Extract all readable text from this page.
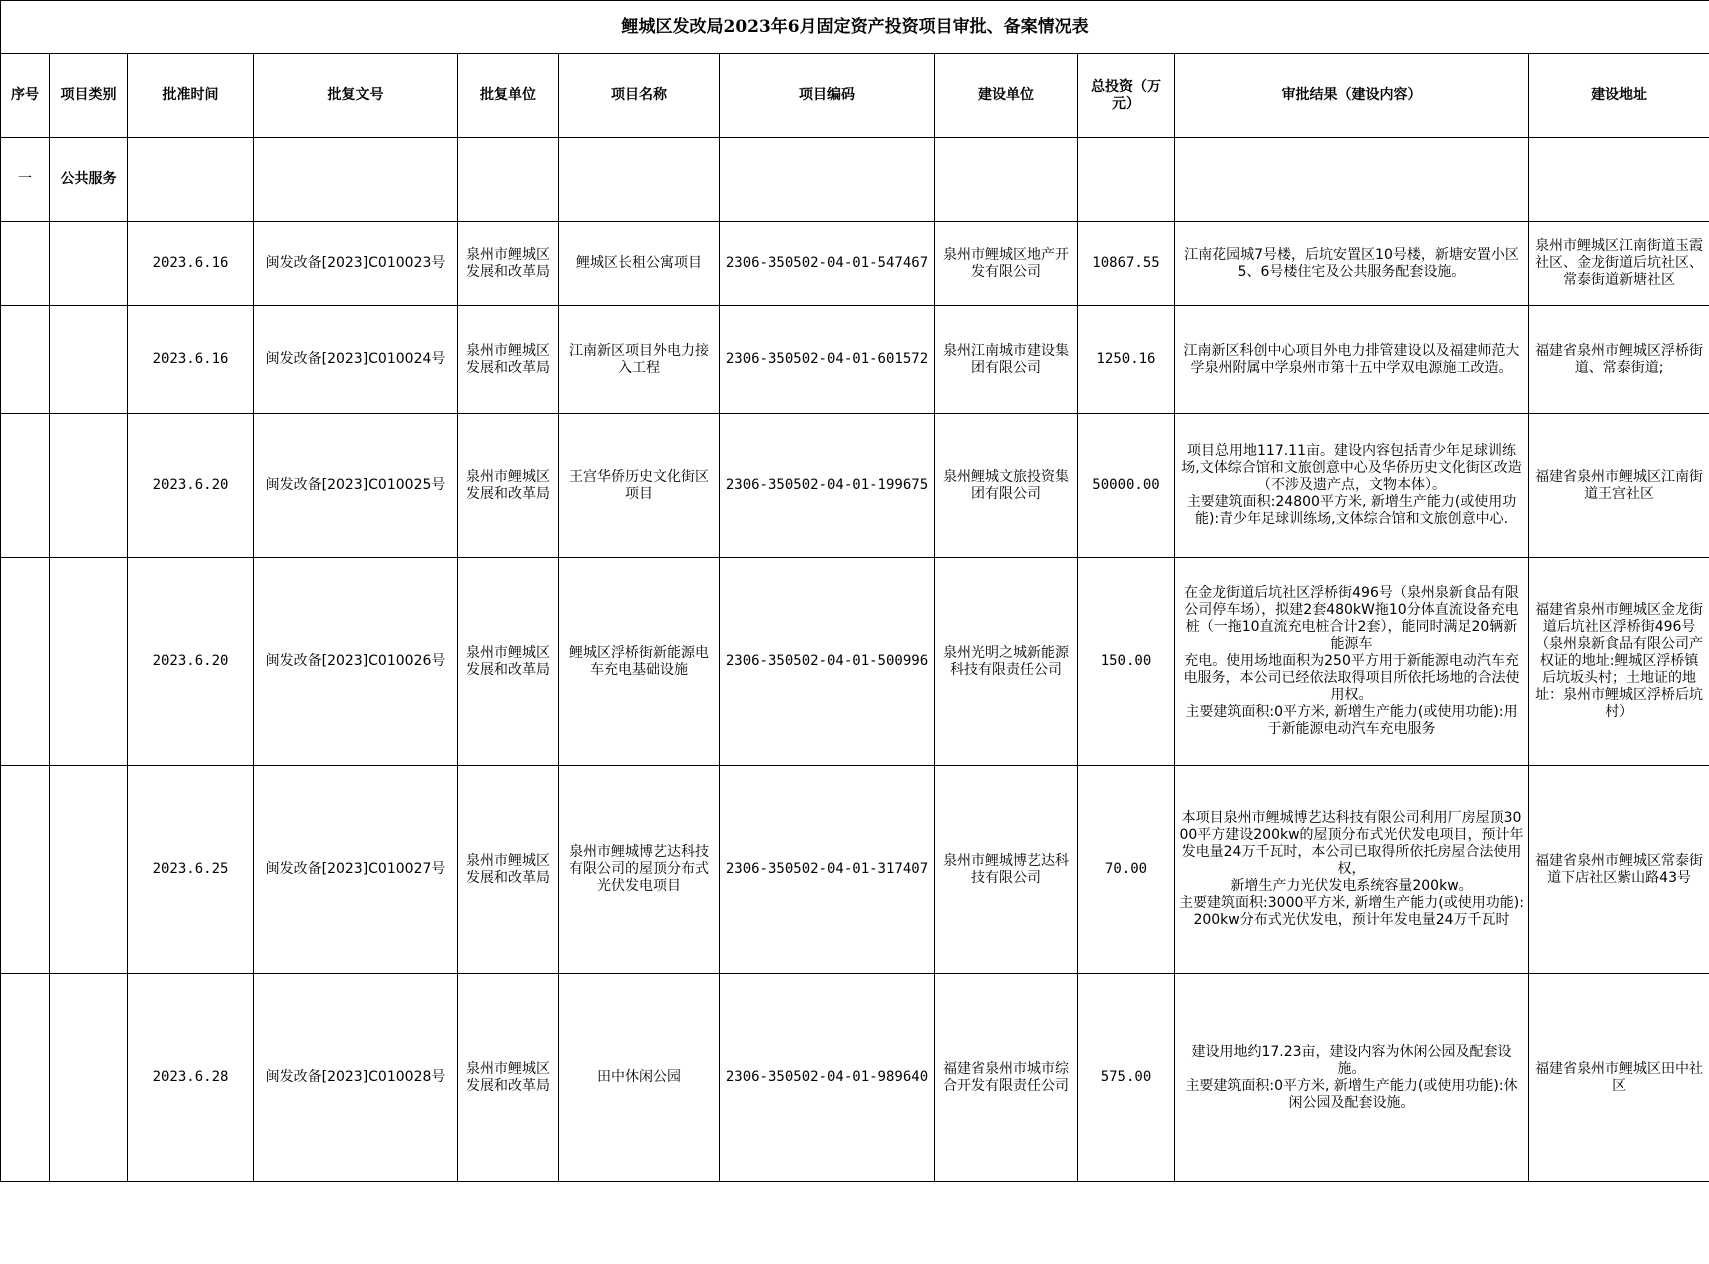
鲤城区发改局2023年6月固定资产投资项目审批、备案情况表										
序号	项目类别	批准时间	批复文号	批复单位	项目名称	项目编码	建设单位	总投资（万元）	审批结果（建设内容）	建设地址
一	公共服务									
		2023.6.16	闽发改备[2023]C010023号	泉州市鲤城区发展和改革局	鲤城区长租公寓项目	2306-350502-04-01-547467	泉州市鲤城区地产开发有限公司	10867.55	江南花园城7号楼，后坑安置区10号楼，新塘安置小区5、6号楼住宅及公共服务配套设施。	泉州市鲤城区江南街道玉霞社区、金龙街道后坑社区、常泰街道新塘社区
		2023.6.16	闽发改备[2023]C010024号	泉州市鲤城区发展和改革局	江南新区项目外电力接入工程	2306-350502-04-01-601572	泉州江南城市建设集团有限公司	1250.16	江南新区科创中心项目外电力排管建设以及福建师范大学泉州附属中学泉州市第十五中学双电源施工改造。	福建省泉州市鲤城区浮桥街道、常泰街道;
		2023.6.20	闽发改备[2023]C010025号	泉州市鲤城区发展和改革局	王宫华侨历史文化街区项目	2306-350502-04-01-199675	泉州鲤城文旅投资集团有限公司	50000.00	项目总用地117.11亩。建设内容包括青少年足球训练场,文体综合馆和文旅创意中心及华侨历史文化街区改造（不涉及遗产点，文物本体）。
主要建筑面积:24800平方米, 新增生产能力(或使用功能):青少年足球训练场,文体综合馆和文旅创意中心.	福建省泉州市鲤城区江南街道王宫社区
		2023.6.20	闽发改备[2023]C010026号	泉州市鲤城区发展和改革局	鲤城区浮桥街新能源电车充电基础设施	2306-350502-04-01-500996	泉州光明之城新能源科技有限责任公司	150.00	在金龙街道后坑社区浮桥街496号（泉州泉新食品有限公司停车场），拟建2套480kW拖10分体直流设备充电桩（一拖10直流充电桩合计2套），能同时满足20辆新能源车
充电。使用场地面积为250平方用于新能源电动汽车充电服务，本公司已经依法取得项目所依托场地的合法使用权。
主要建筑面积:0平方米, 新增生产能力(或使用功能):用于新能源电动汽车充电服务	福建省泉州市鲤城区金龙街道后坑社区浮桥街496号（泉州泉新食品有限公司产权证的地址:鲤城区浮桥镇后坑坂头村；土地证的地址：泉州市鲤城区浮桥后坑村）
		2023.6.25	闽发改备[2023]C010027号	泉州市鲤城区发展和改革局	泉州市鲤城博艺达科技有限公司的屋顶分布式光伏发电项目	2306-350502-04-01-317407	泉州市鲤城博艺达科技有限公司	70.00	本项目泉州市鲤城博艺达科技有限公司利用厂房屋顶3000平方建设200kw的屋顶分布式光伏发电项目，预计年发电量24万千瓦时，本公司已取得所依托房屋合法使用权，
新增生产力光伏发电系统容量200kw。
主要建筑面积:3000平方米, 新增生产能力(或使用功能):200kw分布式光伏发电，预计年发电量24万千瓦时	福建省泉州市鲤城区常泰街道下店社区紫山路43号
		2023.6.28	闽发改备[2023]C010028号	泉州市鲤城区发展和改革局	田中休闲公园	2306-350502-04-01-989640	福建省泉州市城市综合开发有限责任公司	575.00	建设用地约17.23亩，建设内容为休闲公园及配套设施。
主要建筑面积:0平方米, 新增生产能力(或使用功能):休闲公园及配套设施。	福建省泉州市鲤城区田中社区
